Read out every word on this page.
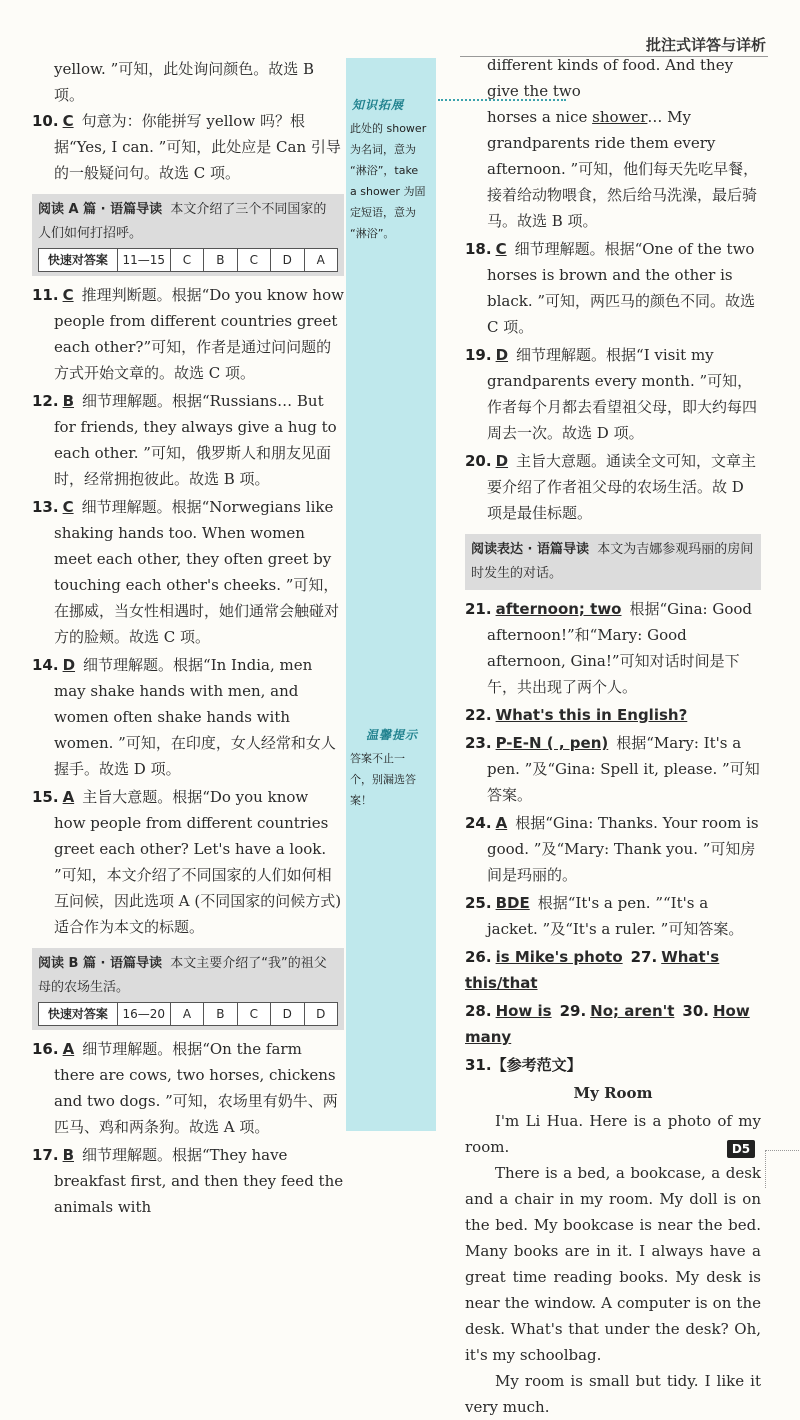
批注式详答与详析
知识拓展
此处的 shower
为名词，意为
“淋浴”，take
a shower 为固
定短语，意为
“淋浴”。
温馨提示
答案不止一
个，别漏选答
案！

yellow. ”可知，此处询问颜色。故选 B 项。

10. C 句意为：你能拼写 yellow 吗？根据“Yes, I can. ”可知，此处应是 Can 引导的一般疑问句。故选 C 项。

阅读 A 篇 · 语篇导读 本文介绍了三个不同国家的人们如何打招呼。
快速对答案	11—15	C	B	C	D	A

11. C 推理判断题。根据“Do you know how people from different countries greet each other?”可知，作者是通过问问题的方式开始文章的。故选 C 项。

12. B 细节理解题。根据“Russians… But for friends, they always give a hug to each other. ”可知，俄罗斯人和朋友见面时，经常拥抱彼此。故选 B 项。

13. C 细节理解题。根据“Norwegians like shaking hands too. When women meet each other, they often greet by touching each other's cheeks. ”可知，在挪威，当女性相遇时，她们通常会触碰对方的脸颊。故选 C 项。

14. D 细节理解题。根据“In India, men may shake hands with men, and women often shake hands with women. ”可知，在印度，女人经常和女人握手。故选 D 项。

15. A 主旨大意题。根据“Do you know how people from different countries greet each other? Let's have a look. ”可知，本文介绍了不同国家的人们如何相互问候，因此选项 A (不同国家的问候方式)适合作为本文的标题。

阅读 B 篇 · 语篇导读 本文主要介绍了“我”的祖父母的农场生活。
快速对答案	16—20	A	B	C	D	D

16. A 细节理解题。根据“On the farm there are cows, two horses, chickens and two dogs. ”可知，农场里有奶牛、两匹马、鸡和两条狗。故选 A 项。

17. B 细节理解题。根据“They have breakfast first, and then they feed the animals with

different kinds of food. And they give the two

horses a nice shower… My grandparents ride them every afternoon. ”可知，他们每天先吃早餐，接着给动物喂食，然后给马洗澡，最后骑马。故选 B 项。

18. C 细节理解题。根据“One of the two horses is brown and the other is black. ”可知，两匹马的颜色不同。故选 C 项。

19. D 细节理解题。根据“I visit my grandparents every month. ”可知，作者每个月都去看望祖父母，即大约每四周去一次。故选 D 项。

20. D 主旨大意题。通读全文可知，文章主要介绍了作者祖父母的农场生活。故 D 项是最佳标题。

阅读表达 · 语篇导读 本文为吉娜参观玛丽的房间时发生的对话。

21. afternoon; two 根据“Gina: Good afternoon!”和“Mary: Good afternoon, Gina!”可知对话时间是下午，共出现了两个人。

22. What's this in English?

23. P-E-N ( , pen) 根据“Mary: It's a pen. ”及“Gina: Spell it, please. ”可知答案。

24. A 根据“Gina: Thanks. Your room is good. ”及“Mary: Thank you. ”可知房间是玛丽的。

25. BDE 根据“It's a pen. ”“It's a jacket. ”及“It's a ruler. ”可知答案。

26. is Mike's photo 27. What's this/that

28. How is 29. No; aren't 30. How many

31.【参考范文】

My Room

I'm Li Hua. Here is a photo of my room.

There is a bed, a bookcase, a desk and a chair in my room. My doll is on the bed. My bookcase is near the bed. Many books are in it. I always have a great time reading books. My desk is near the window. A computer is on the desk. What's that under the desk? Oh, it's my schoolbag.

My room is small but tidy. I like it very much.

D5
